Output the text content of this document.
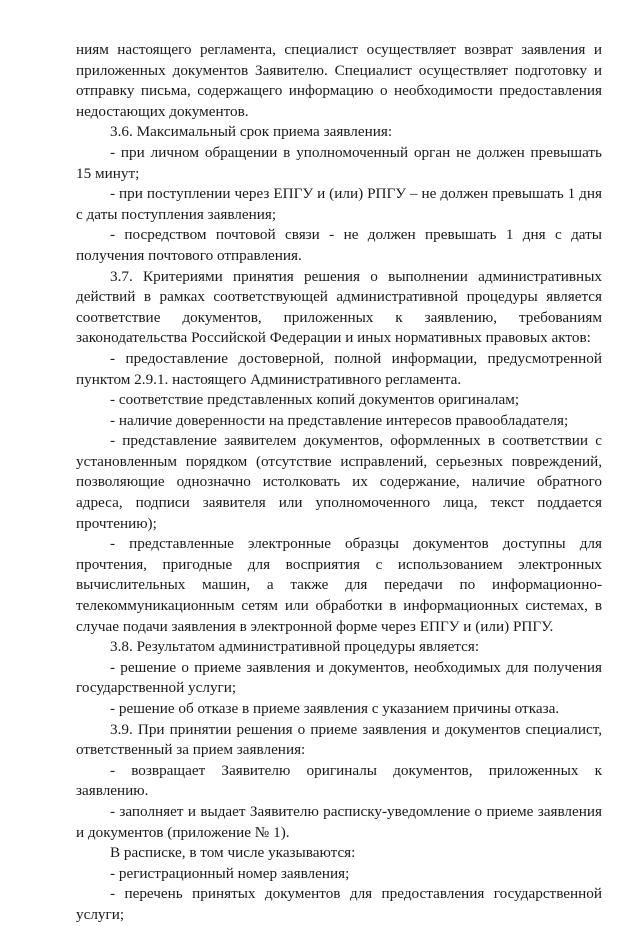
ниям настоящего регламента, специалист осуществляет возврат заявления и приложенных документов Заявителю. Специалист осуществляет подготовку и отправку письма, содержащего информацию о необходимости предоставления недостающих документов.

3.6. Максимальный срок приема заявления:

- при личном обращении в уполномоченный орган не должен превышать 15 минут;

- при поступлении через ЕПГУ и (или) РПГУ – не должен превышать 1 дня с даты поступления заявления;

- посредством почтовой связи - не должен превышать 1 дня с даты получения почтового отправления.

3.7. Критериями принятия решения о выполнении административных действий в рамках соответствующей административной процедуры является соответствие документов, приложенных к заявлению, требованиям законодательства Российской Федерации и иных нормативных правовых актов:

- предоставление достоверной, полной информации, предусмотренной пунктом 2.9.1. настоящего Административного регламента.

- соответствие представленных копий документов оригиналам;

- наличие доверенности на представление интересов правообладателя;

- представление заявителем документов, оформленных в соответствии с установленным порядком (отсутствие исправлений, серьезных повреждений, позволяющие однозначно истолковать их содержание, наличие обратного адреса, подписи заявителя или уполномоченного лица, текст поддается прочтению);

- представленные электронные образцы документов доступны для прочтения, пригодные для восприятия с использованием электронных вычислительных машин, а также для передачи по информационно-телекоммуникационным сетям или обработки в информационных системах, в случае подачи заявления в электронной форме через ЕПГУ и (или) РПГУ.

3.8. Результатом административной процедуры является:

- решение о приеме заявления и документов, необходимых для получения государственной услуги;

- решение об отказе в приеме заявления с указанием причины отказа.

3.9. При принятии решения о приеме заявления и документов специалист, ответственный за прием заявления:

- возвращает Заявителю оригиналы документов, приложенных к заявлению.

- заполняет и выдает Заявителю расписку-уведомление о приеме заявления и документов (приложение № 1).

В расписке, в том числе указываются:

- регистрационный номер заявления;

- перечень принятых документов для предоставления государственной услуги;
